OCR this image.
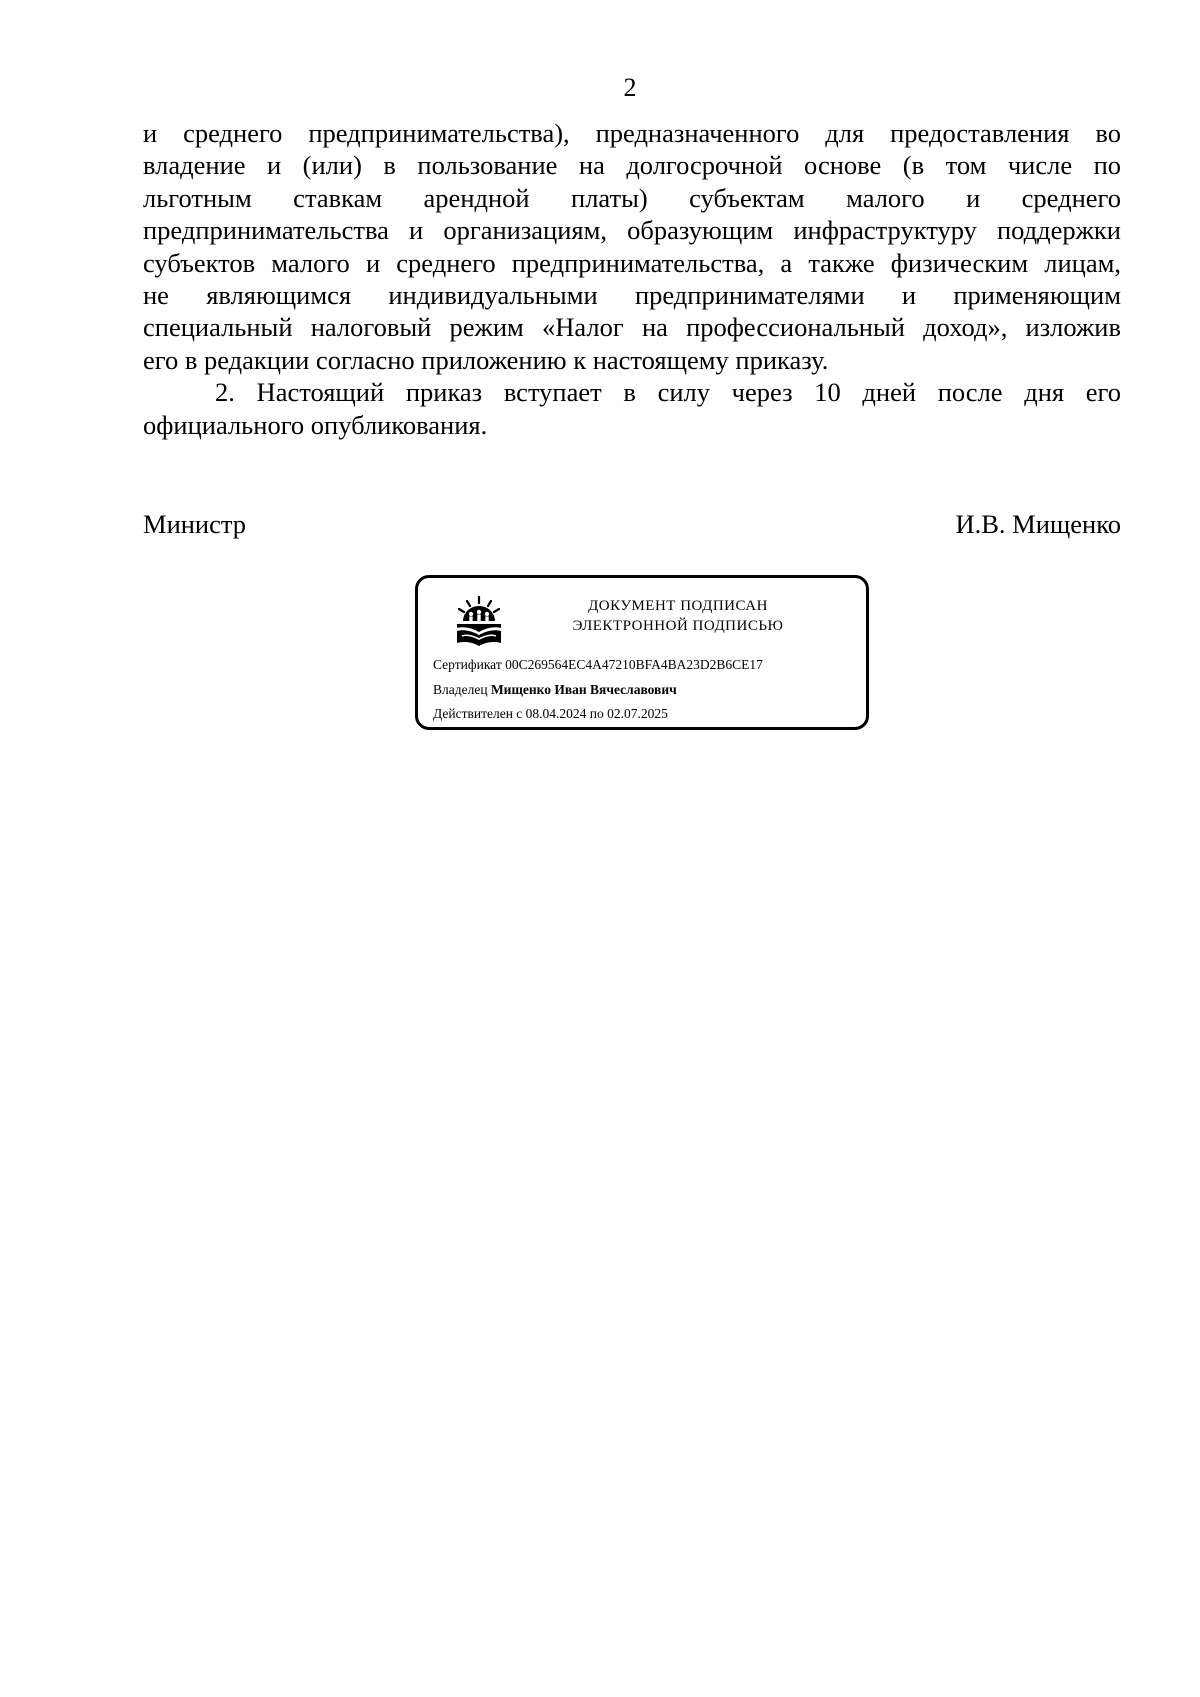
2

и среднего предпринимательства), предназначенного для предоставления во
владение и (или) в пользование на долгосрочной основе (в том числе по
льготным ставкам арендной платы) субъектам малого и среднего
предпринимательства и организациям, образующим инфраструктуру поддержки
субъектов малого и среднего предпринимательства, а также физическим лицам,
не являющимся индивидуальными предпринимателями и применяющим
специальный налоговый режим «Налог на профессиональный доход», изложив
его в редакции согласно приложению к настоящему приказу.

2. Настоящий приказ вступает в силу через 10 дней после дня его
официального опубликования.

Министр	И.В. Мищенко
ДОКУМЕНТ ПОДПИСАН
ЭЛЕКТРОННОЙ ПОДПИСЬЮ
Сертификат 00C269564EC4A47210BFA4BA23D2B6CE17
Владелец Мищенко Иван Вячеславович
Действителен с 08.04.2024 по 02.07.2025
